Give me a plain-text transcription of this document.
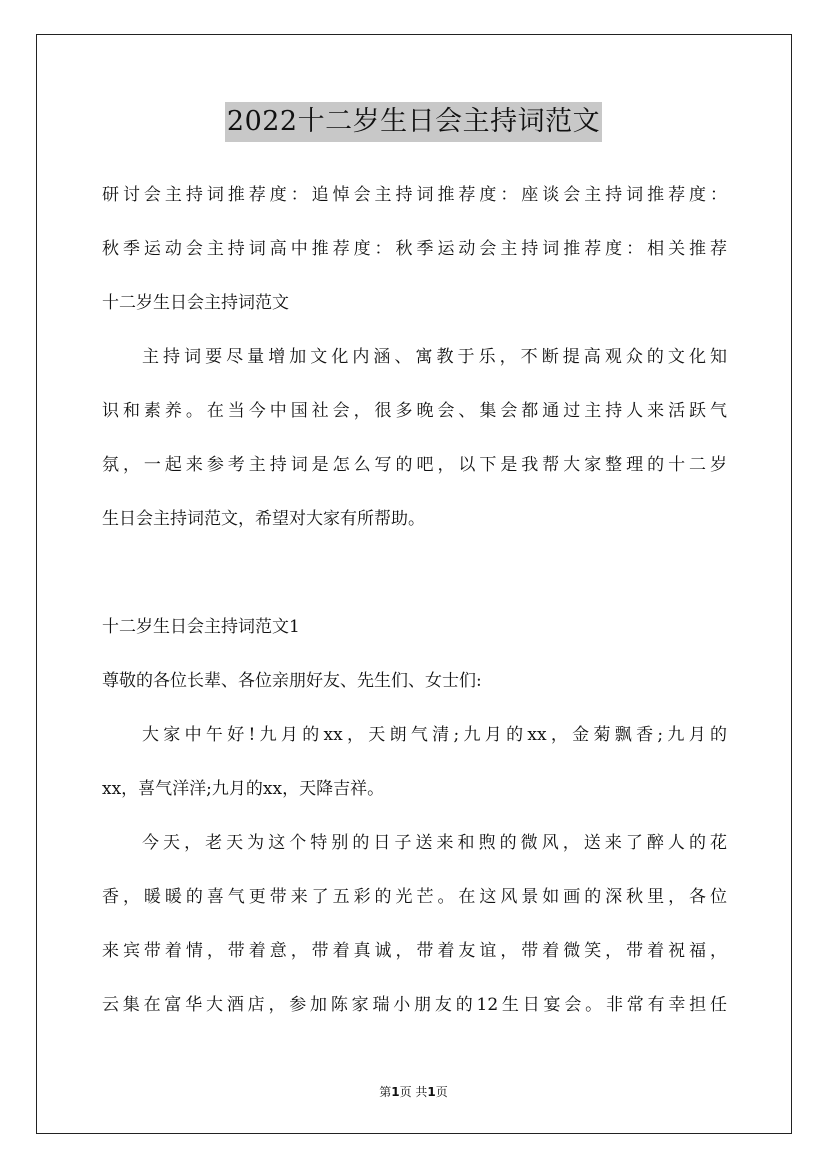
2022十二岁生日会主持词范文
研讨会主持词推荐度：追悼会主持词推荐度：座谈会主持词推荐度：
秋季运动会主持词高中推荐度：秋季运动会主持词推荐度：相关推荐
十二岁生日会主持词范文
主持词要尽量增加文化内涵、寓教于乐，不断提高观众的文化知
识和素养。在当今中国社会，很多晚会、集会都通过主持人来活跃气
氛，一起来参考主持词是怎么写的吧，以下是我帮大家整理的十二岁
生日会主持词范文，希望对大家有所帮助。
十二岁生日会主持词范文1
尊敬的各位长辈、各位亲朋好友、先生们、女士们:
大家中午好!九月的xx，天朗气清;九月的xx，金菊飘香;九月的
xx，喜气洋洋;九月的xx，天降吉祥。
今天，老天为这个特别的日子送来和煦的微风，送来了醉人的花
香，暖暖的喜气更带来了五彩的光芒。在这风景如画的深秋里，各位
来宾带着情，带着意，带着真诚，带着友谊，带着微笑，带着祝福，
云集在富华大酒店，参加陈家瑞小朋友的12生日宴会。非常有幸担任
第1页 共1页
